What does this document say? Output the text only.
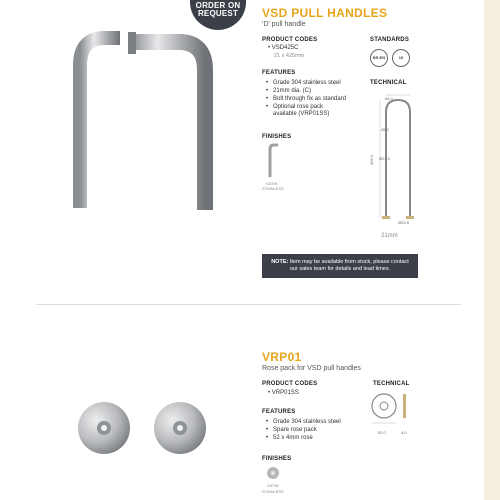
ORDER ON
REQUEST	VSD PULL HANDLES
'D' pull handle
PRODUCT CODES
• VSD425C
21 x 425mm
FEATURES
• Grade 304 stainless steel
• 21mm dia. (C)
• Bolt through fix as standard
• Optional rose pack
available (VRP01SS)
FINISHES
SATIN
STAINLESS
STANDARDS
BS EN	10
TECHNICAL
64.0
45.0
Ø21.0
425.0
Ø25.5
21mm
NOTE: Item may be available from stock, please contact our sales team for details and lead times.
VRP01
Rose pack for VSD pull handles
PRODUCT CODES
• VRP01SS
FEATURES
• Grade 304 stainless steel
• Spare rose pack
• 52 x 4mm rose
FINISHES
SATIN
STAINLESS
TECHNICAL
52.0	4.0
